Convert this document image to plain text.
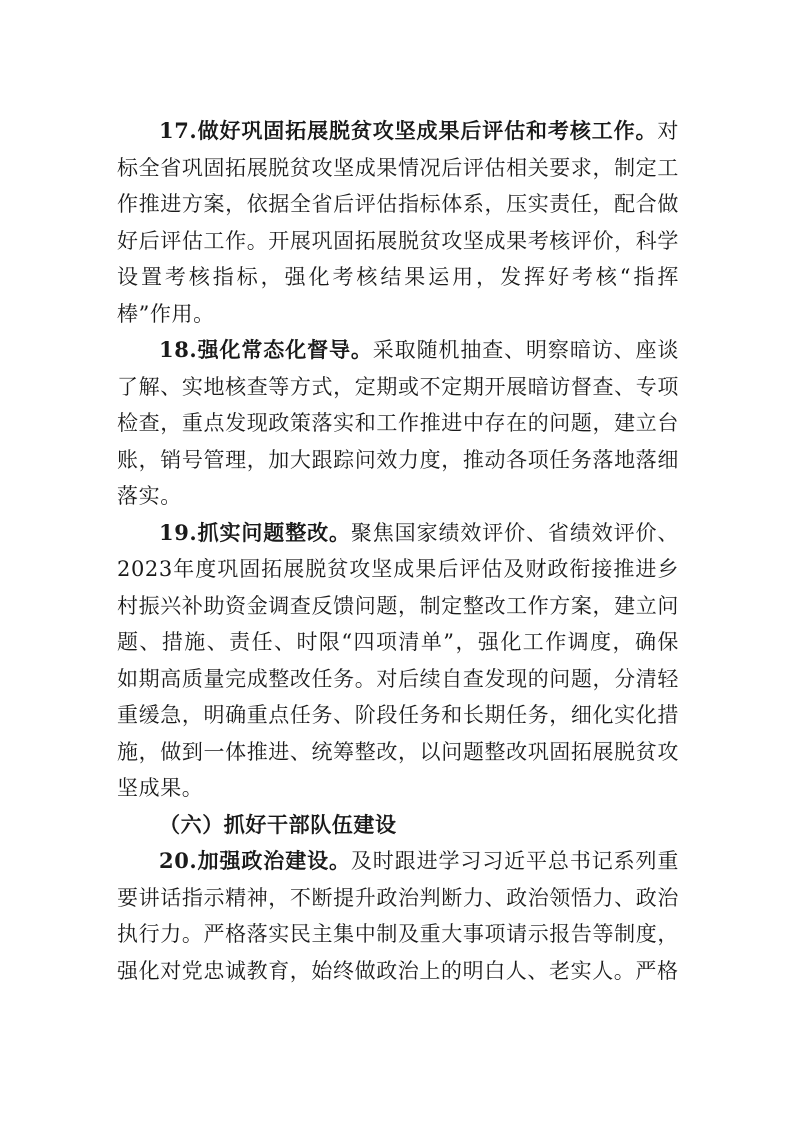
17.做好巩固拓展脱贫攻坚成果后评估和考核工作。对标全省巩固拓展脱贫攻坚成果情况后评估相关要求，制定工作推进方案，依据全省后评估指标体系，压实责任，配合做好后评估工作。开展巩固拓展脱贫攻坚成果考核评价，科学设置考核指标，强化考核结果运用，发挥好考核“指挥棒”作用。

18.强化常态化督导。采取随机抽查、明察暗访、座谈了解、实地核查等方式，定期或不定期开展暗访督查、专项检查，重点发现政策落实和工作推进中存在的问题，建立台账，销号管理，加大跟踪问效力度，推动各项任务落地落细落实。

19.抓实问题整改。聚焦国家绩效评价、省绩效评价、2023年度巩固拓展脱贫攻坚成果后评估及财政衔接推进乡村振兴补助资金调查反馈问题，制定整改工作方案，建立问题、措施、责任、时限“四项清单”，强化工作调度，确保如期高质量完成整改任务。对后续自查发现的问题，分清轻重缓急，明确重点任务、阶段任务和长期任务，细化实化措施，做到一体推进、统筹整改，以问题整改巩固拓展脱贫攻坚成果。

（六）抓好干部队伍建设

20.加强政治建设。及时跟进学习习近平总书记系列重要讲话指示精神，不断提升政治判断力、政治领悟力、政治执行力。严格落实民主集中制及重大事项请示报告等制度，强化对党忠诚教育，始终做政治上的明白人、老实人。严格
